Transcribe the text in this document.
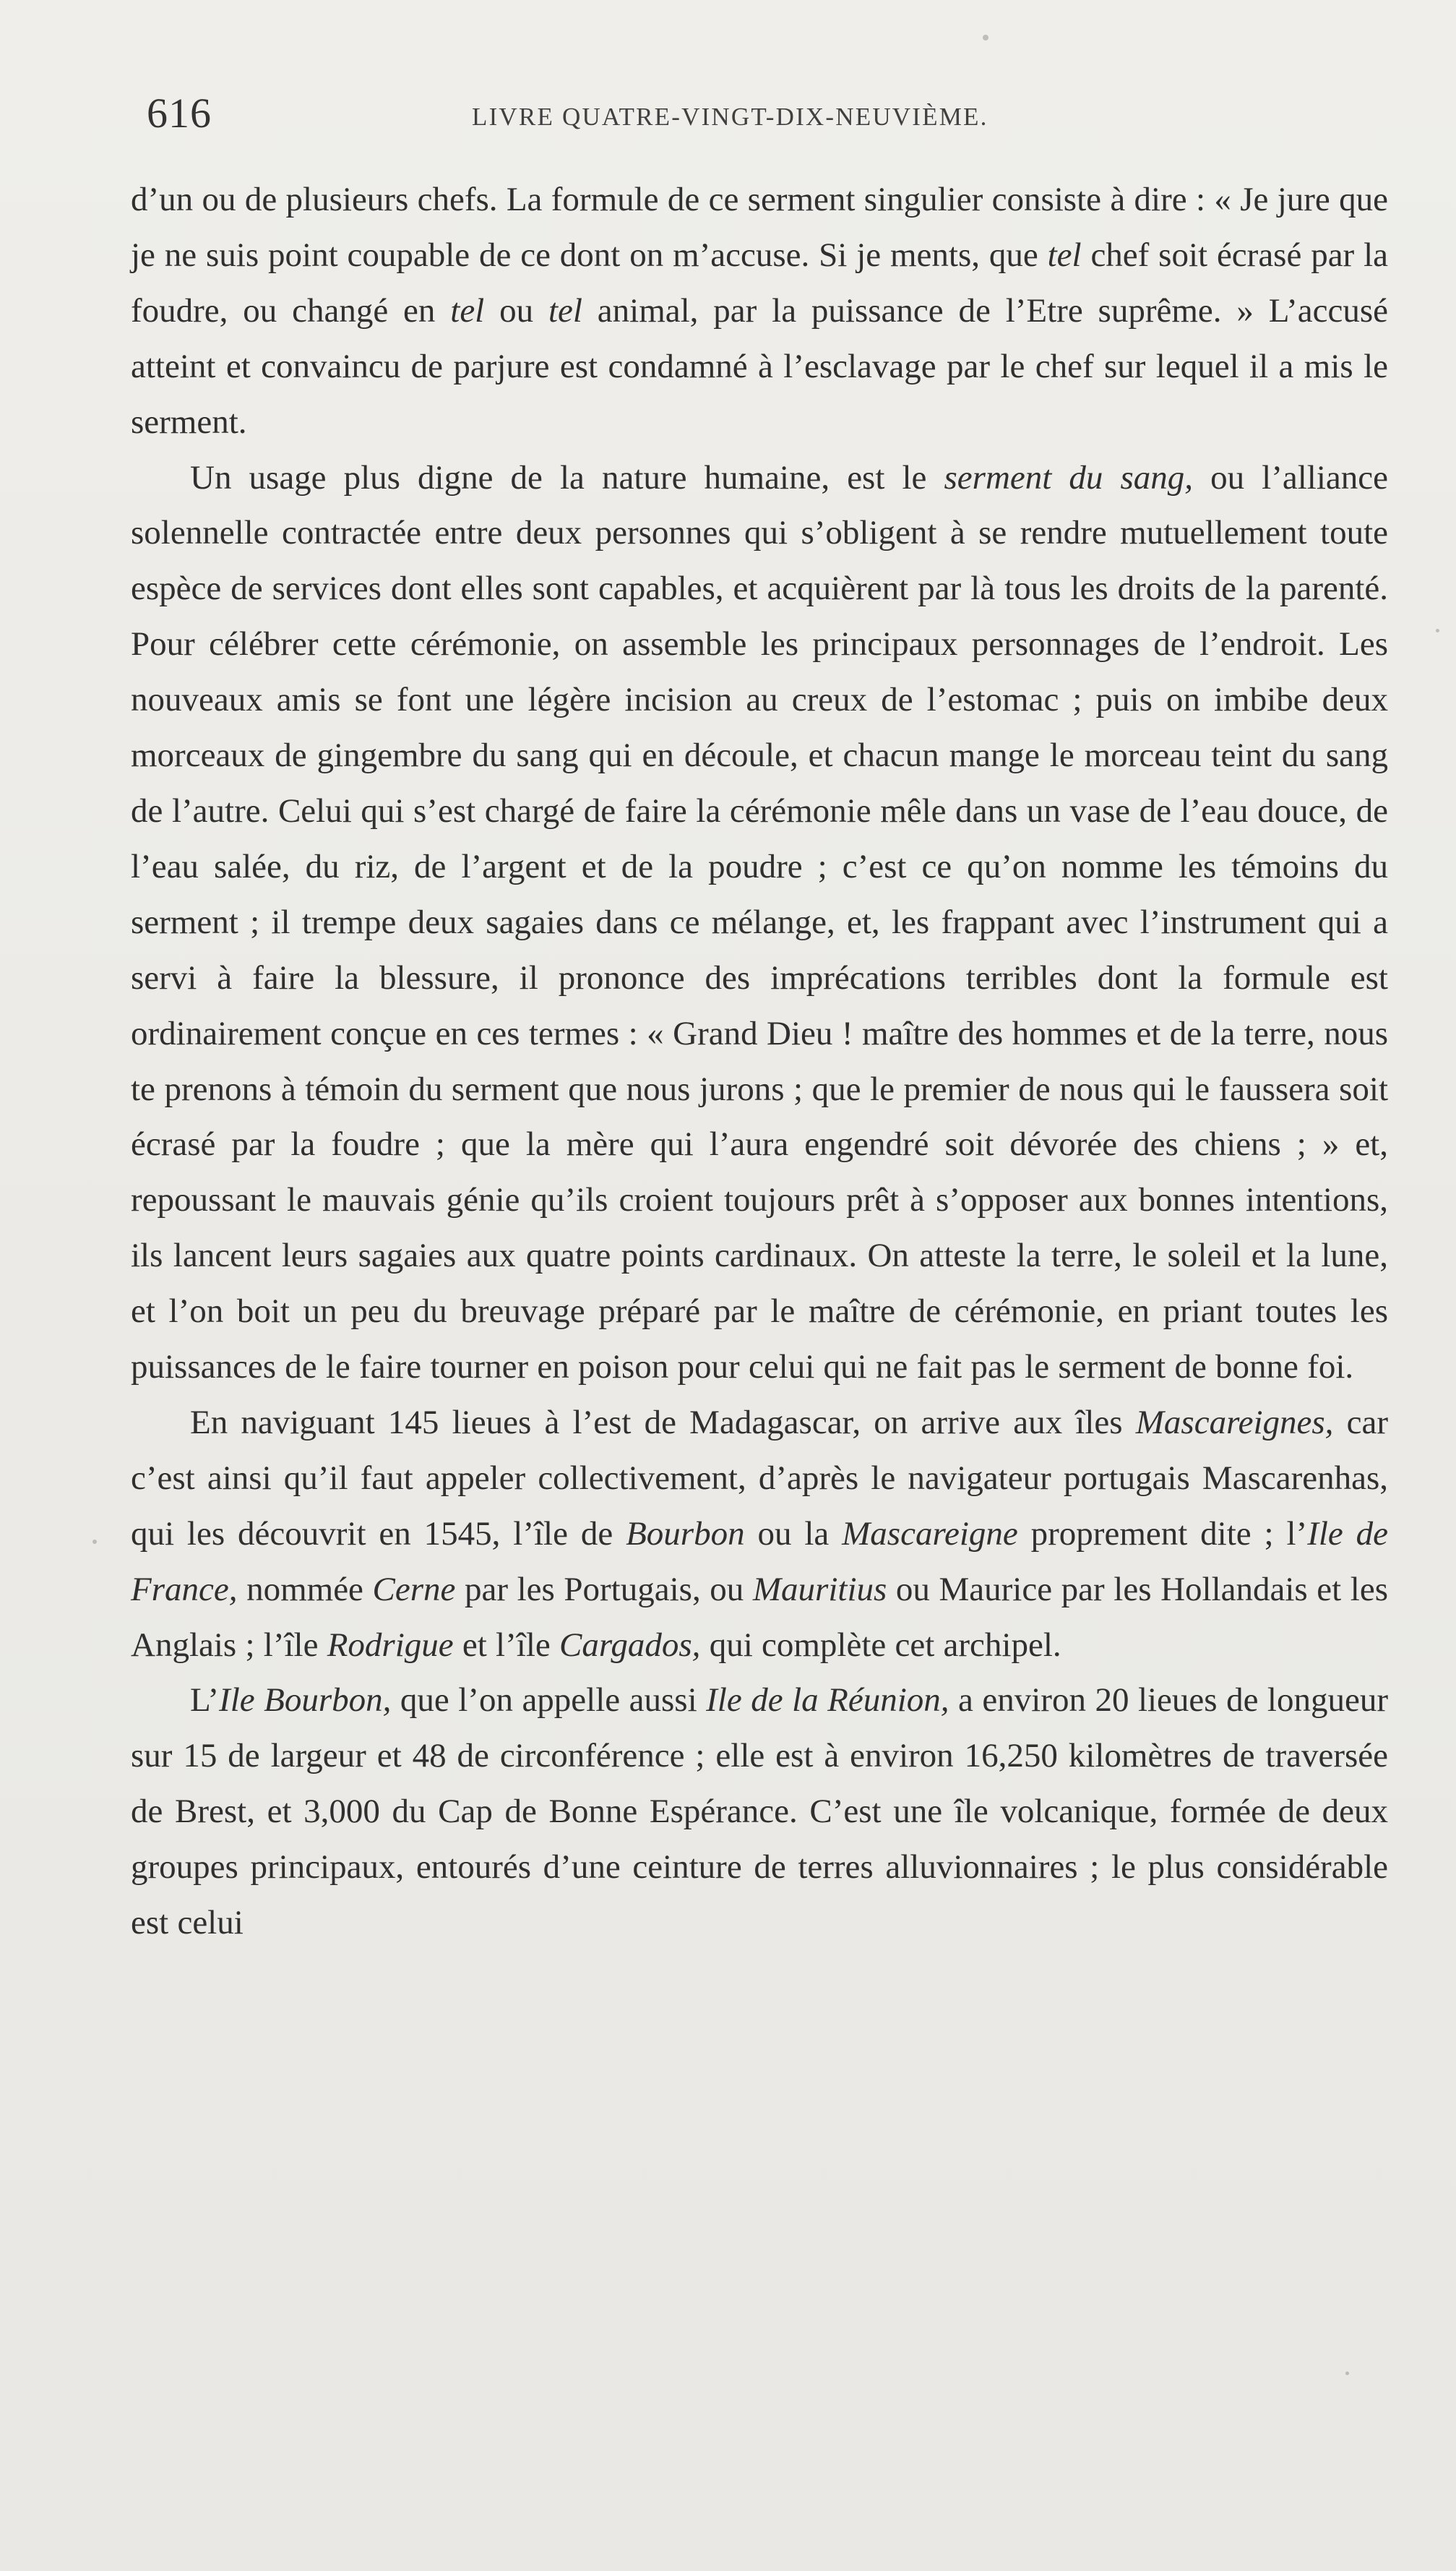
616	LIVRE QUATRE-VINGT-DIX-NEUVIÈME.

d’un ou de plusieurs chefs. La formule de ce serment singulier consiste à dire : « Je jure que je ne suis point coupable de ce dont on m’accuse. Si je ments, que tel chef soit écrasé par la foudre, ou changé en tel ou tel animal, par la puissance de l’Etre suprême. » L’accusé atteint et convaincu de parjure est condamné à l’esclavage par le chef sur lequel il a mis le serment.

Un usage plus digne de la nature humaine, est le serment du sang, ou l’alliance solennelle contractée entre deux personnes qui s’obligent à se rendre mutuellement toute espèce de services dont elles sont capables, et acquièrent par là tous les droits de la parenté. Pour célébrer cette cérémonie, on assemble les principaux personnages de l’endroit. Les nouveaux amis se font une légère incision au creux de l’estomac ; puis on imbibe deux morceaux de gingembre du sang qui en découle, et chacun mange le morceau teint du sang de l’autre. Celui qui s’est chargé de faire la cérémonie mêle dans un vase de l’eau douce, de l’eau salée, du riz, de l’argent et de la poudre ; c’est ce qu’on nomme les témoins du serment ; il trempe deux sagaies dans ce mélange, et, les frappant avec l’instrument qui a servi à faire la blessure, il prononce des imprécations terribles dont la formule est ordinairement conçue en ces termes : « Grand Dieu ! maître des hommes et de la terre, nous te prenons à témoin du serment que nous jurons ; que le premier de nous qui le faussera soit écrasé par la foudre ; que la mère qui l’aura engendré soit dévorée des chiens ; » et, repoussant le mauvais génie qu’ils croient toujours prêt à s’opposer aux bonnes intentions, ils lancent leurs sagaies aux quatre points cardinaux. On atteste la terre, le soleil et la lune, et l’on boit un peu du breuvage préparé par le maître de cérémonie, en priant toutes les puissances de le faire tourner en poison pour celui qui ne fait pas le serment de bonne foi.

En naviguant 145 lieues à l’est de Madagascar, on arrive aux îles Mascareignes, car c’est ainsi qu’il faut appeler collectivement, d’après le navigateur portugais Mascarenhas, qui les découvrit en 1545, l’île de Bourbon ou la Mascareigne proprement dite ; l’Ile de France, nommée Cerne par les Portugais, ou Mauritius ou Maurice par les Hollandais et les Anglais ; l’île Rodrigue et l’île Cargados, qui complète cet archipel.

L’Ile Bourbon, que l’on appelle aussi Ile de la Réunion, a environ 20 lieues de longueur sur 15 de largeur et 48 de circonférence ; elle est à environ 16,250 kilomètres de traversée de Brest, et 3,000 du Cap de Bonne Espérance. C’est une île volcanique, formée de deux groupes principaux, entourés d’une ceinture de terres alluvionnaires ; le plus considérable est celui
